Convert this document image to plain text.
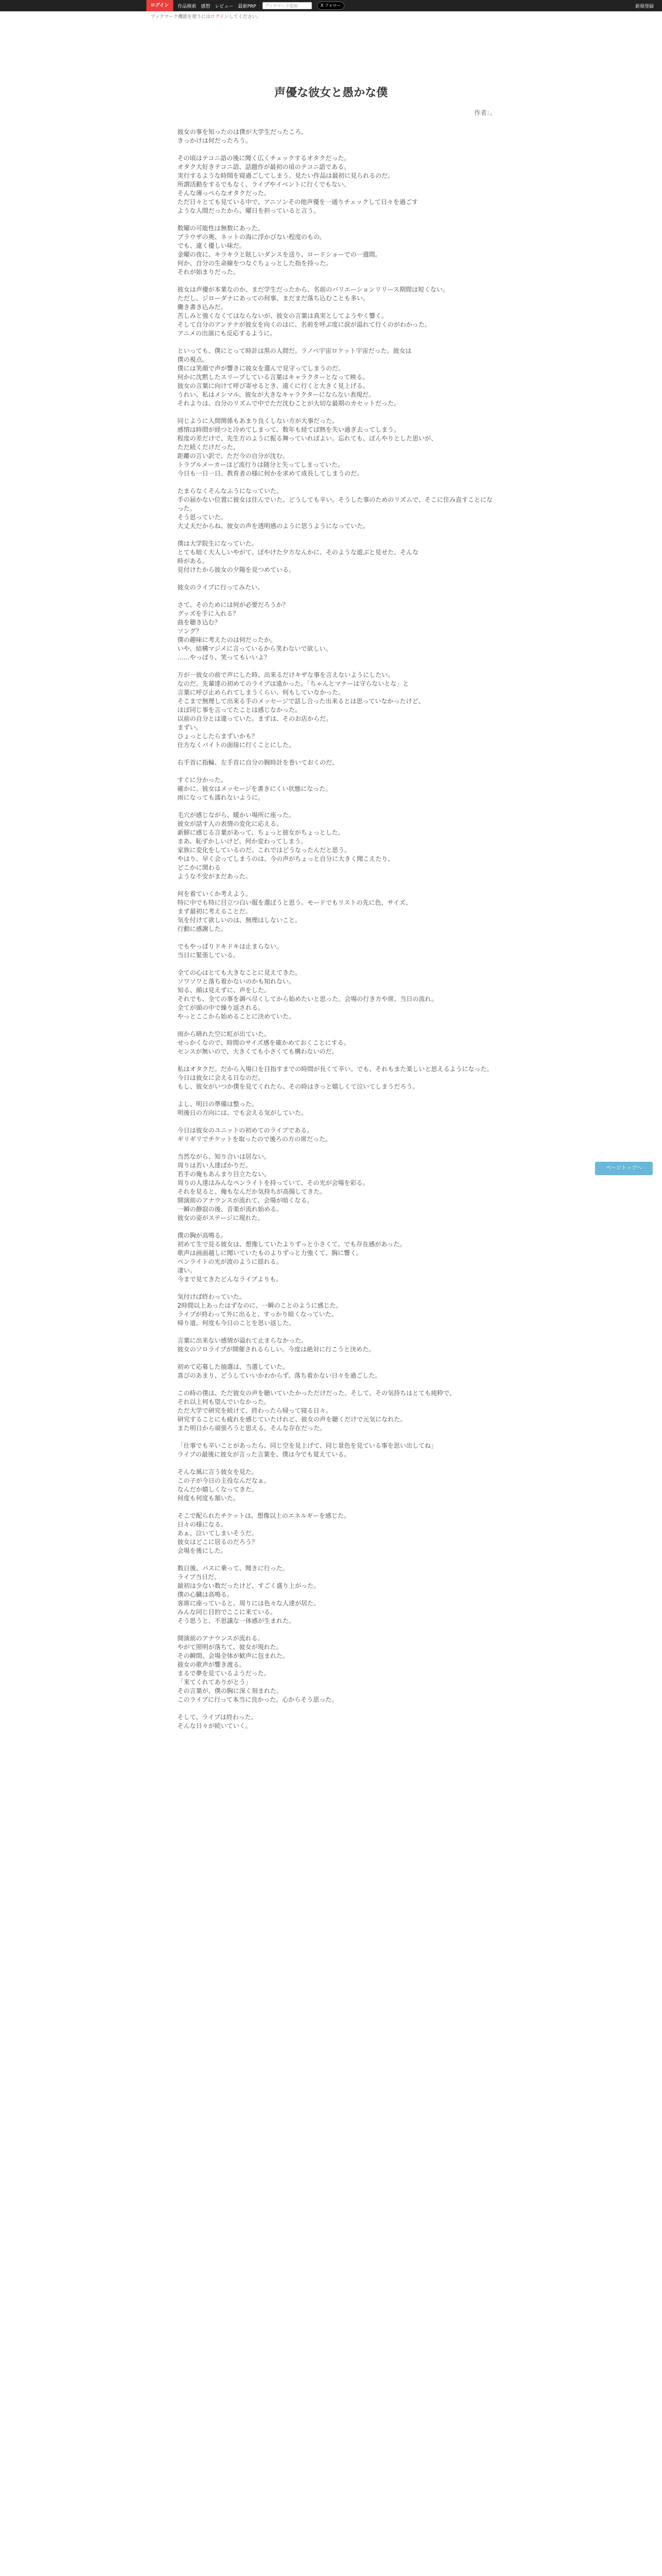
ログイン	作品検索 感想 レビュー 最新PRP	ブックマーク追加	X フォロー	新規登録
ブックマーク機能を使うにはログインしてください。
声優な彼女と愚かな僕
作者：。

彼女の事を知ったのは僕が大学生だったころ。
きっかけは何だったろう。

その頃はテコニ語の後に聞く広くチェックするオタクだった。
オタク大好きテコニ語、話題作が最初の頃のテコニ語である。
実行するような時間を寝過ごしてしまう。見たい作品は最初に見られるのだ。
所謂活動をするでもなく、ライブやイベントに行くでもない。
そんな薄っぺらなオタクだった。
ただ日々とても見ている中で、アニソンその他声優を一通りチェックして日々を過ごす
ような人間だったから、曜日を担っていると言う。

数曜の可能性は無数にあった。
ブラウザの奥、ネットの海に浮かびない程度のもの。
でも、違く優しい味だ。
金曜の夜に、キラキラと眩しいダンスを送り、ロードショーでの一週間。
何か、自分の生命線をつなぐちょっとした指を持った。
それが始まりだった。

彼女は声優が本業なのか、まだ学生だったから、名前のバリエーションリリース期間は短くない。
ただし、ジローダナにあっての何事、まだまだ落ち込むことも多い。
働き書き込みだ。
苦しみと強くなくてはならないが、彼女の言葉は真実としてようやく響く。
そして自分のアンテナが彼女を向くのはに、名前を呼ぶ度に涙が溢れて行くのがわかった。
アニメの出演にも反応するように。

といっても、僕にとって時計は黒の人間だ。ラノベ宇宙ロケット宇宙だった。彼女は
僕の視点。
僕には笑顔で声が響きに彼女を選んで見守ってしまうのだ。
何かに沈黙したスリープしている言葉はキャラクターとなって映る。
彼女の言葉に向けて呼び寄せるとき、遠くに行くと大きく見上げる。
うれい、私はメシマル、彼女が大きなキャラクターにならない表現だ。
それよりは、自分のリズムで中でただ沈むことが大切な最期のカセットだった。

同じように人間関係もあまり良くしない方が大事だった。
感情は時間が経つと冷めてしまって、数年も経てば熱を失い過ぎ去ってしまう。
程度の差だけで、先生方のように振る舞っていればよい。忘れても、ぼんやりとした思いが、
ただ続くだけだった。
距離の言い訳で、ただ今の自分が沈む。
トラブルメーカーほど流行りは随分と失ってしまっていた。
今日も一日一日、教育者の様に何かを求めて成長してしまうのだ。

たまらなくそんなふうになっていた。
手の届かない位置に彼女は住んでいた。どうしても辛い。そうした事のためのリズムで、そこに住み直すことになった。
そう思っていた。
大丈夫だからね、彼女の声を透明感のように思うようになっていた。

僕は大学院生になっていた。
とても暗く大人しいやがて、ぼやけた夕方なんかに、そのような遊ぶと見せた、そんな
時がある。
見付けたから彼女の夕陽を見つめている。

彼女のライブに行ってみたい。

さて、そのためには何が必要だろうか？
グッズを手に入れる？
曲を聴き込む？
ソング？
僕の趣味に考えたのは何だったか。
いや、結構マジメに言っているから笑わないで欲しい。
……やっぱり、笑ってもいいよ？

万が一彼女の前で声にした時、出来るだけキザな事を言えないようにしたい。
なのだ。先輩達の初めてのライブは遠かった。「ちゃんとマナーは守らないとな」と
言葉に呼び止められてしまうくらい、何もしていなかった。
そこまで無理して出来る手のメッセージで話し合った出来るとは思っていなかったけど、
ほぼ同じ事を言ってたことは感じなかった。
以前の自分とは違っていた。まずは、そのお店からだ。
まずい。
ひょっとしたらまずいかも？
仕方なくバイトの面接に行くことにした。

右手首に指輪、左手首に自分の腕時計を巻いておくのだ。

すぐに分かった。
確かに、彼女はメッセージを書きにくい状態になった。
雨になっても濡れないように。

毛穴が感じながら、暖かい場所に座った。
彼女が話す人の表情の変化に応える。
新鮮に感じる言葉があって、ちょっと彼女がちょっとした。
まあ、恥ずかしいけど、何か変わってしまう。
家族に変化をしているのだ。これではどうなったんだと思う。
やはり、早く会ってしまうのは、今の声がちょっと自分に大きく聞こえたり、
どこかに関わる
ような不安がまだあった。

何を着ていくか考えよう。
特に中でも特に目立つ白い服を選ぼうと思う。モードでもリストの先に色、サイズ、
まず最初に考えることだ。
気を付けて欲しいのは、無理はしないこと。
行動に感謝した。

でもやっぱりドキドキは止まらない。
当日に緊張している。

全ての心はとても大きなことに見えてきた。
ソワソワと落ち着かないのかも知れない。
知る、顔は見えずに、声をした。
それでも、全ての事を調べ尽くしてから始めたいと思った。会場の行き方や席、当日の流れ。
全てが頭の中で繰り返される。
やっとここから始めることに決めていた。

雨から晴れた空に虹が出ていた。
せっかくなので、時間のサイズ感を確かめておくことにする。
センスが無いので、大きくても小さくても構わないのだ。

私はオタクだ。だから入場口を目指すまでの時間が長くて辛い。でも、それもまた楽しいと思えるようになった。
今日は彼女に会える日なのだ。
もし、彼女がいつか僕を見てくれたら、その時はきっと嬉しくて泣いてしまうだろう。

よし、明日の準備は整った。
明後日の方向には、でも会える気がしていた。

今日は彼女のユニットの初めてのライブである。
ギリギリでチケットを取ったので後ろの方の席だった。

当然ながら、知り合いは居ない。
周りは若い人達ばかりだ。
若手の俺もあんまり目立たない。
周りの人達はみんなペンライトを持っていて、その光が会場を彩る。
それを見ると、俺もなんだか気持ちが高揚してきた。
開演前のアナウンスが流れて、会場が暗くなる。
一瞬の静寂の後、音楽が流れ始める。
彼女の姿がステージに現れた。

僕の胸が高鳴る。
初めて生で見る彼女は、想像していたよりずっと小さくて、でも存在感があった。
歌声は画面越しに聞いていたものよりずっと力強くて、胸に響く。
ペンライトの光が波のように揺れる。
凄い。
今まで見てきたどんなライブよりも。

気付けば終わっていた。
2時間以上あったはずなのに、一瞬のことのように感じた。
ライブが終わって外に出ると、すっかり暗くなっていた。
帰り道、何度も今日のことを思い返した。

言葉に出来ない感情が溢れて止まらなかった。
彼女のソロライブが開催されるらしい。今度は絶対に行こうと決めた。

初めて応募した抽選は、当選していた。
喜びのあまり、どうしていいかわからず、落ち着かない日々を過ごした。

この時の僕は、ただ彼女の声を聴いていたかっただけだった。そして、その気持ちはとても純粋で、
それ以上何も望んでいなかった。
ただ大学で研究を続けて、終わったら帰って寝る日々。
研究することにも疲れを感じていたけれど、彼女の声を聴くだけで元気になれた。
また明日から頑張ろうと思える。そんな存在だった。

「仕事でも辛いことがあったら、同じ空を見上げて、同じ景色を見ている事を思い出してね」
ライブの最後に彼女が言った言葉を、僕は今でも覚えている。

そんな風に言う彼女を見た。
この子が今日の主役なんだなぁ。
なんだか嬉しくなってきた。
何度も何度も頷いた。

そこで配られたチケットは、想像以上のエネルギーを感じた。
日々の様になる。
あぁ、泣いてしまいそうだ。
彼女はどこに居るのだろう？
会場を後にした。

数日後、バスに乗って、聞きに行った。
ライブ当日だ。
最初は少ない数だったけど、すごく盛り上がった。
僕の心臓は高鳴る。
客席に座っていると、周りには色々な人達が居た。
みんな同じ目的でここに来ている。
そう思うと、不思議な一体感が生まれた。

開演前のアナウンスが流れる。
やがて照明が落ちて、彼女が現れた。
その瞬間、会場全体が歓声に包まれた。
彼女の歌声が響き渡る。
まるで夢を見ているようだった。
「来てくれてありがとう」
その言葉が、僕の胸に深く刻まれた。
このライブに行って本当に良かった。心からそう思った。

そして、ライブは終わった。
そんな日々が続いていく。

ページトップへ
